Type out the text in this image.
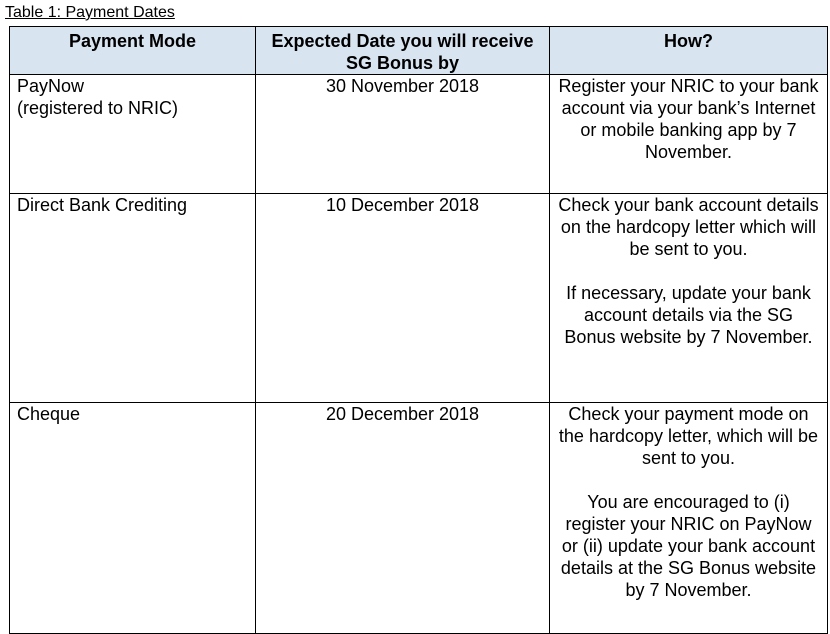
Table 1: Payment Dates
Payment Mode	Expected Date you will receive SG Bonus by	How?
PayNow
(registered to NRIC)	30 November 2018	Register your NRIC to your bank account via your bank’s Internet or mobile banking app by 7 November.

Direct Bank Crediting	10 December 2018	Check your bank account details on the hardcopy letter which will be sent to you.

If necessary, update your bank account details via the SG Bonus website by 7 November.

Cheque	20 December 2018	Check your payment mode on the hardcopy letter, which will be sent to you.

You are encouraged to (i) register your NRIC on PayNow or (ii) update your bank account details at the SG Bonus website by 7 November.
